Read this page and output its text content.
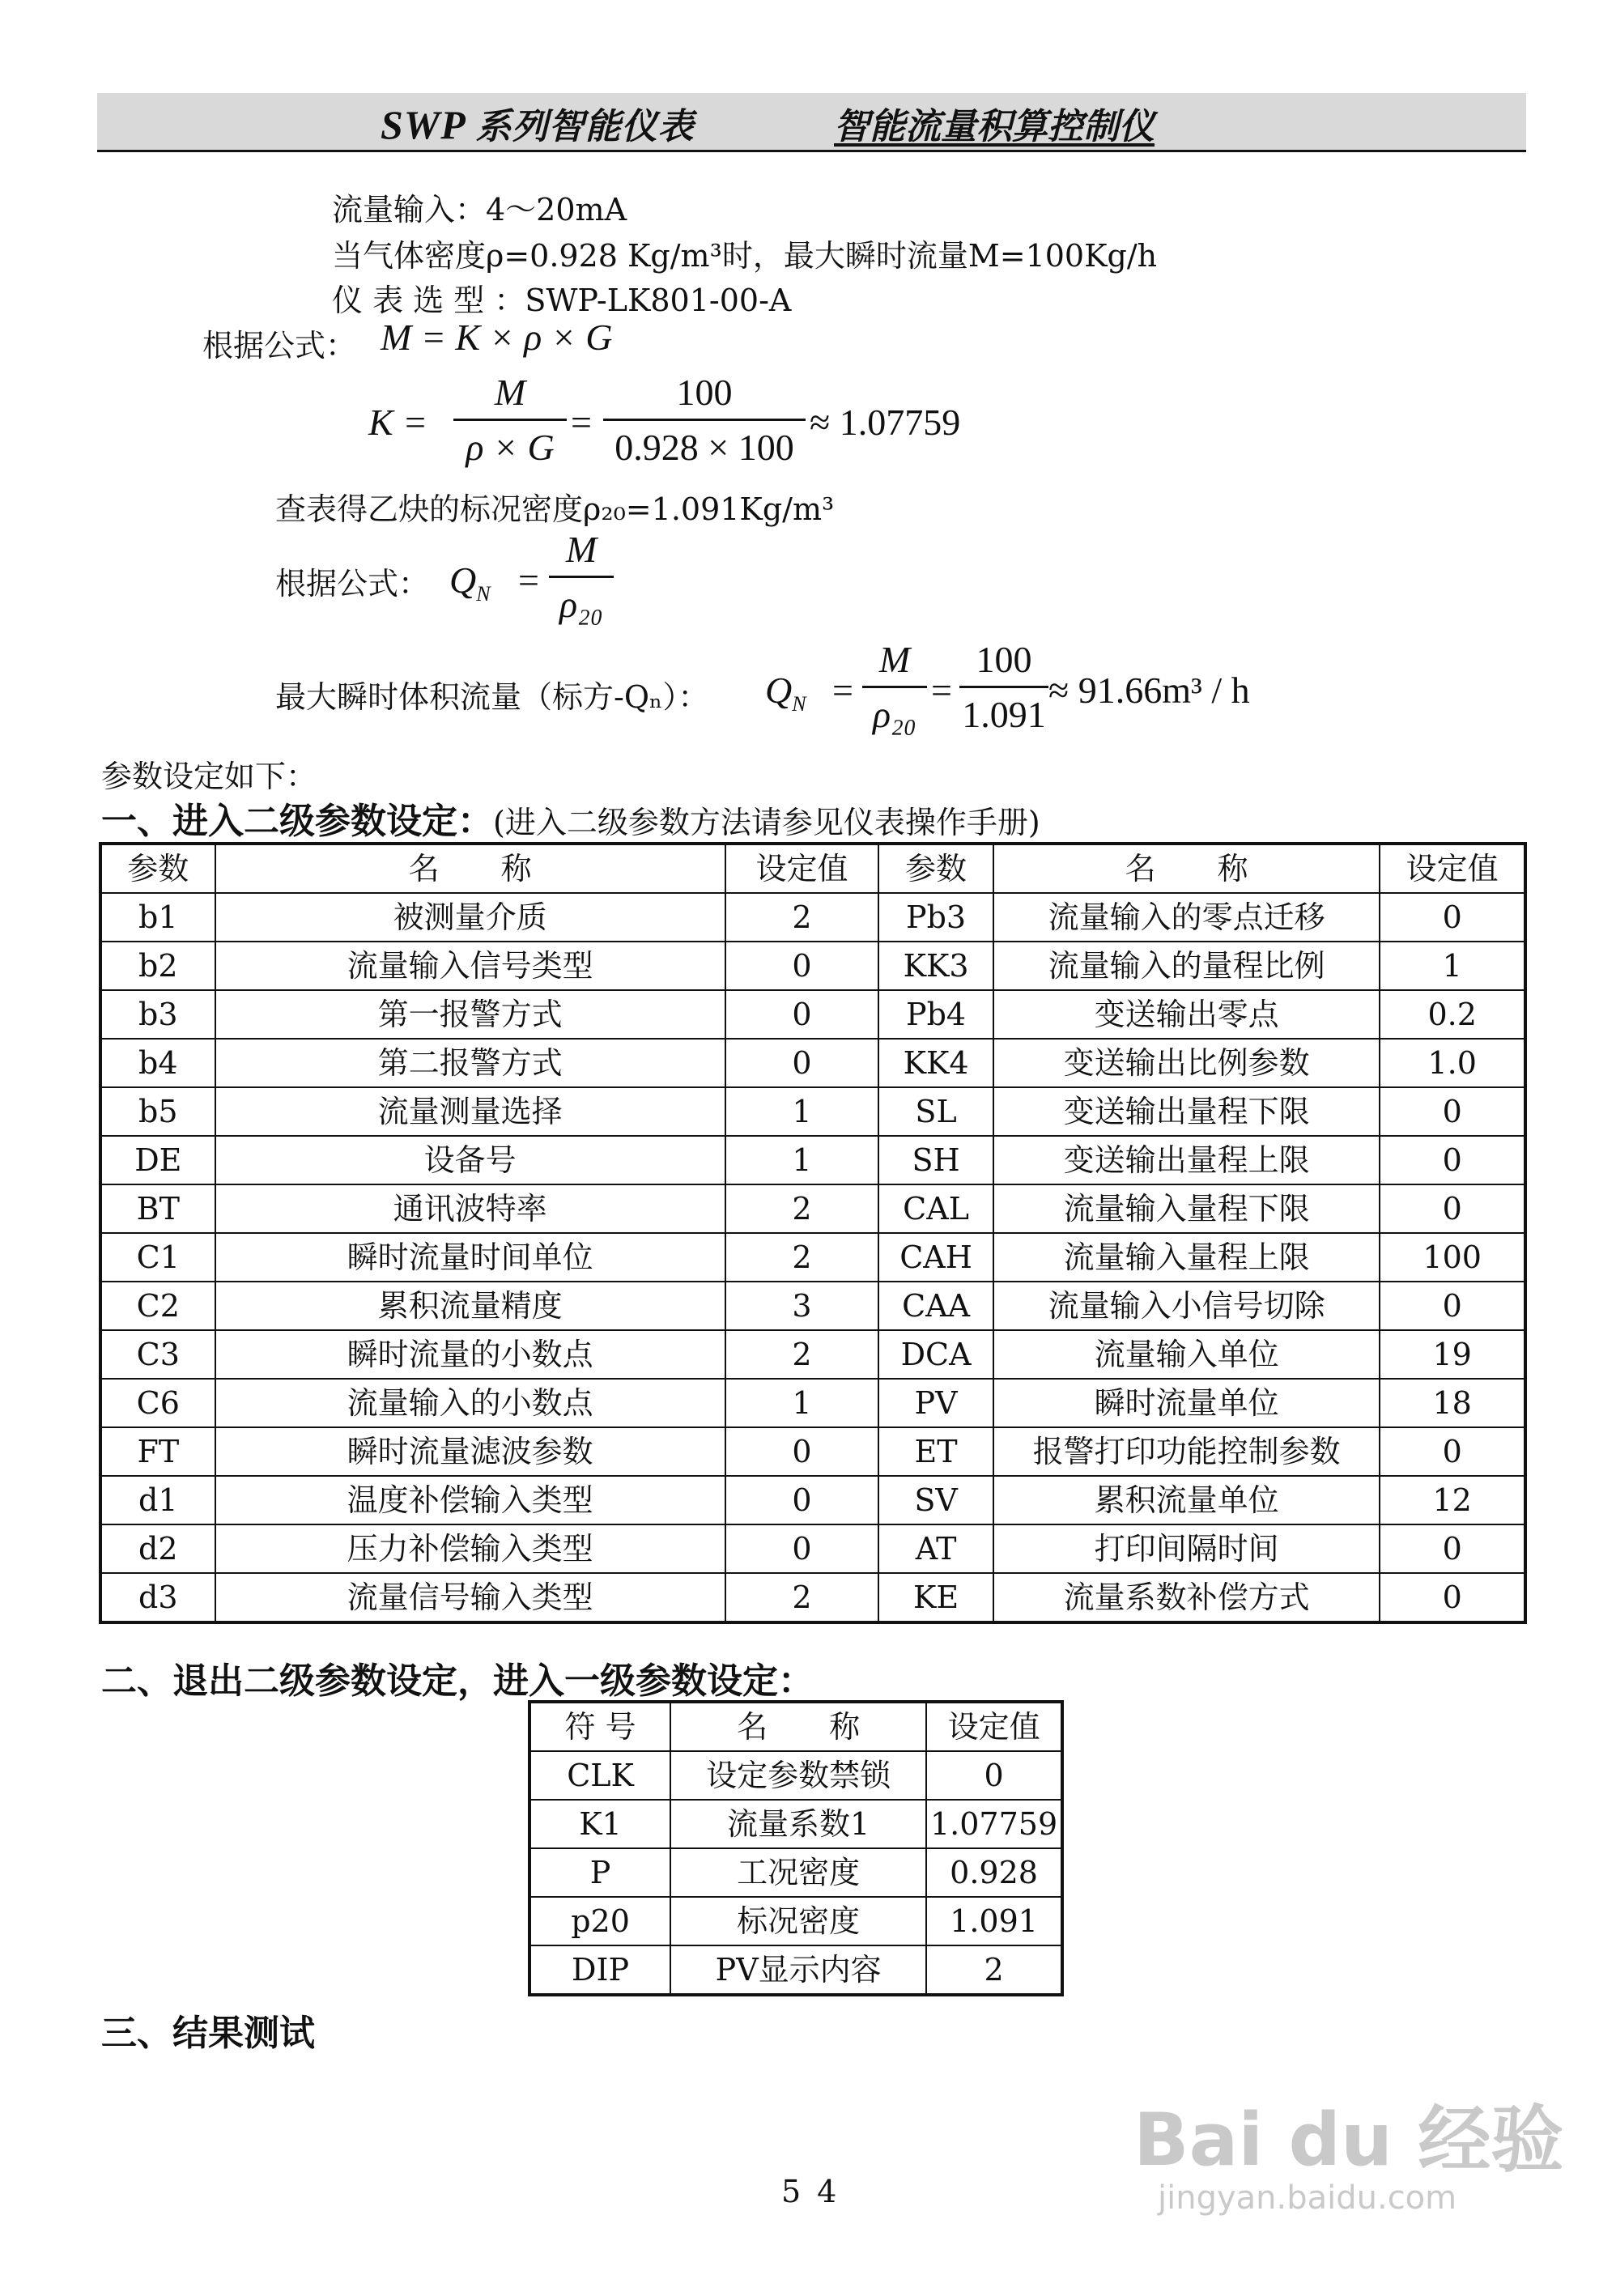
SWP 系列智能仪表	智能流量积算控制仪
流量输入：4～20mA
当气体密度ρ=0.928 Kg/m³时，最大瞬时流量M=100Kg/h
仪 表 选 型 ：SWP-LK801-00-A
根据公式： M = K × ρ × G
K =
M
ρ × G
=
100
0.928 × 100
≈ 1.07759
查表得乙炔的标况密度ρ₂₀=1.091Kg/m³
根据公式： $Q_N$ =
M
ρ₂₀
最大瞬时体积流量（标方-Qₙ）： $Q_N$ =
M
ρ₂₀
=
100
1.091
≈ 91.66m³ / h
参数设定如下：
一、进入二级参数设定：(进入二级参数方法请参见仪表操作手册)
参数	名　　称	设定值	参数	名　　称	设定值
b1	被测量介质	2	Pb3	流量输入的零点迁移	0
b2	流量输入信号类型	0	KK3	流量输入的量程比例	1
b3	第一报警方式	0	Pb4	变送输出零点	0.2
b4	第二报警方式	0	KK4	变送输出比例参数	1.0
b5	流量测量选择	1	SL	变送输出量程下限	0
DE	设备号	1	SH	变送输出量程上限	0
BT	通讯波特率	2	CAL	流量输入量程下限	0
C1	瞬时流量时间单位	2	CAH	流量输入量程上限	100
C2	累积流量精度	3	CAA	流量输入小信号切除	0
C3	瞬时流量的小数点	2	DCA	流量输入单位	19
C6	流量输入的小数点	1	PV	瞬时流量单位	18
FT	瞬时流量滤波参数	0	ET	报警打印功能控制参数	0
d1	温度补偿输入类型	0	SV	累积流量单位	12
d2	压力补偿输入类型	0	AT	打印间隔时间	0
d3	流量信号输入类型	2	KE	流量系数补偿方式	0
二、退出二级参数设定，进入一级参数设定：
符 号	名　　称	设定值
CLK	设定参数禁锁	0
K1	流量系数1	1.07759
P	工况密度	0.928
p20	标况密度	1.091
DIP	PV显示内容	2
三、结果测试
54
Bai du 经验
jingyan.baidu.com
